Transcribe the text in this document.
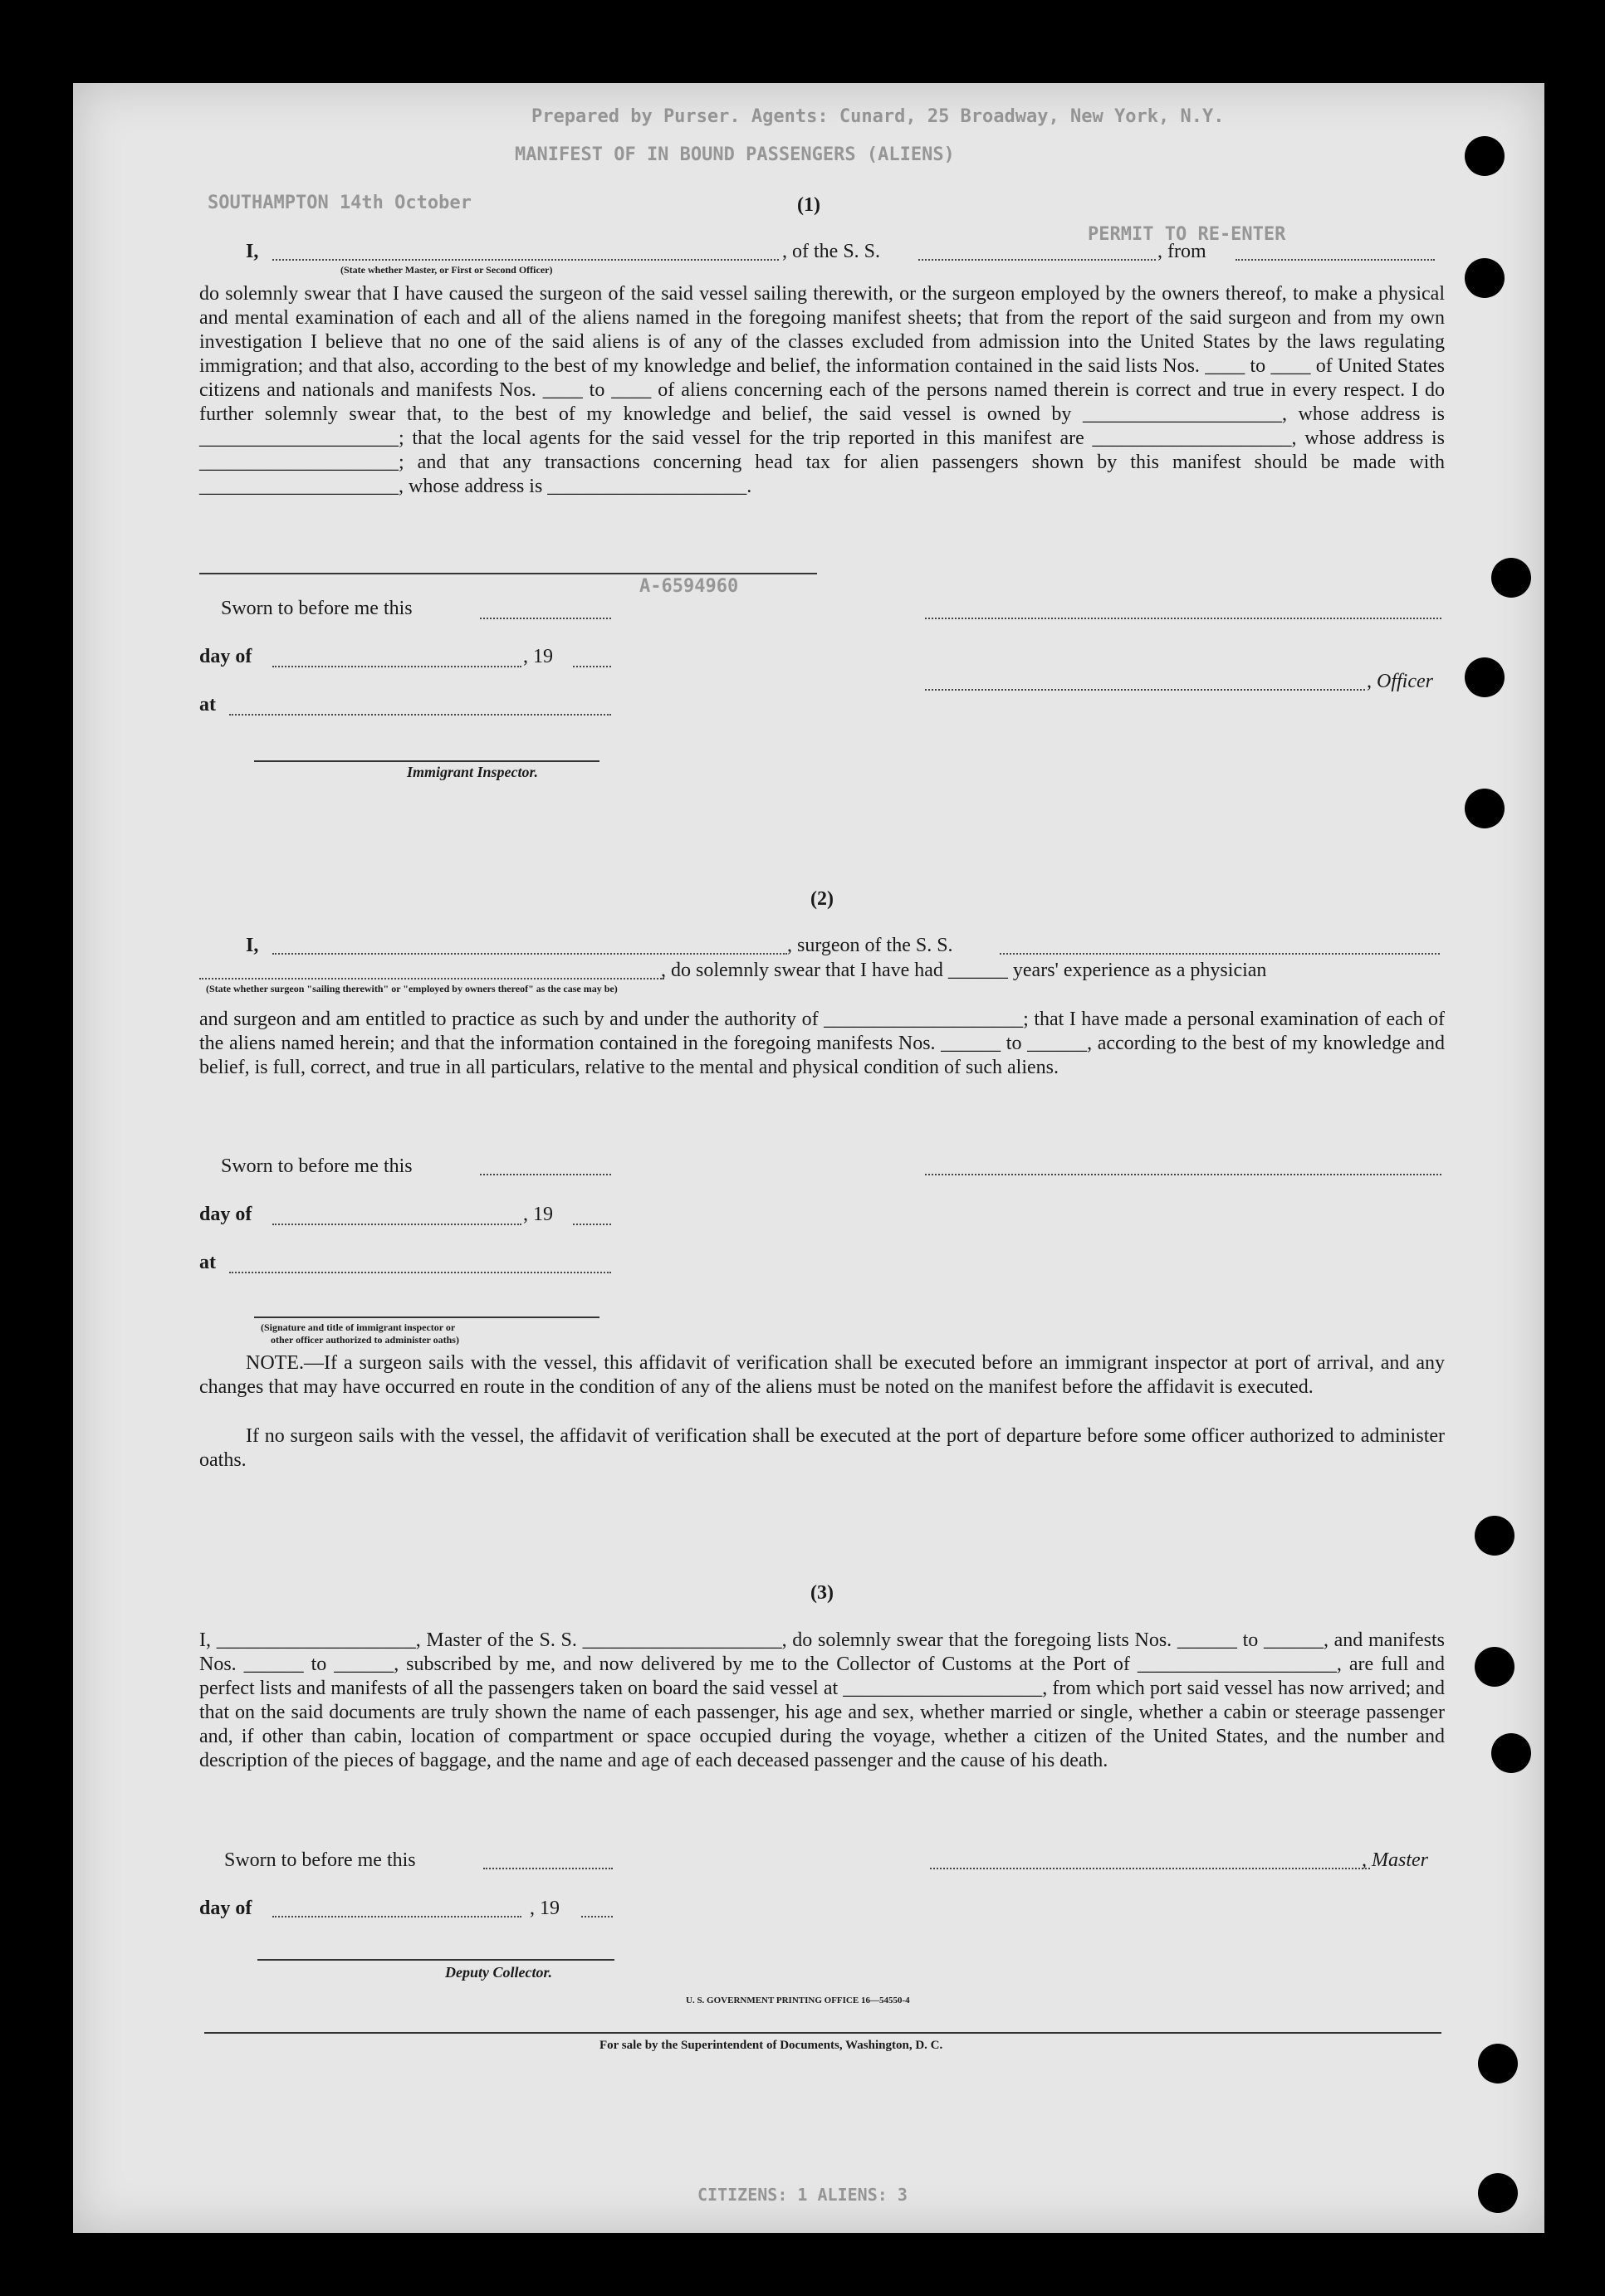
Prepared by Purser. Agents: Cunard, 25 Broadway, New York, N.Y.
MANIFEST OF IN BOUND PASSENGERS (ALIENS)
SOUTHAMPTON 14th October
PERMIT TO RE-ENTER
A-6594960
(1)
I,	, of the S. S.	, from
(State whether Master, or First or Second Officer)
do solemnly swear that I have caused the surgeon of the said vessel sailing therewith, or the surgeon employed by the owners thereof, to make a physical and mental examination of each and all of the aliens named in the foregoing manifest sheets; that from the report of the said surgeon and from my own investigation I believe that no one of the said aliens is of any of the classes excluded from admission into the United States by the laws regulating immigration; and that also, according to the best of my knowledge and belief, the information contained in the said lists Nos. ____ to ____ of United States citizens and nationals and manifests Nos. ____ to ____ of aliens concerning each of the persons named therein is correct and true in every respect. I do further solemnly swear that, to the best of my knowledge and belief, the said vessel is owned by ____________________, whose address is ____________________; that the local agents for the said vessel for the trip reported in this manifest are ____________________, whose address is ____________________; and that any transactions concerning head tax for alien passengers shown by this manifest should be made with ____________________, whose address is ____________________.
Sworn to before me this
day of	, 19
at
Immigrant Inspector.
, Officer
(2)
I,	, surgeon of the S. S.
, do solemnly swear that I have had ______ years' experience as a physician
(State whether surgeon "sailing therewith" or "employed by owners thereof" as the case may be)
and surgeon and am entitled to practice as such by and under the authority of ____________________; that I have made a personal examination of each of the aliens named herein; and that the information contained in the foregoing manifests Nos. ______ to ______, according to the best of my knowledge and belief, is full, correct, and true in all particulars, relative to the mental and physical condition of such aliens.
Sworn to before me this
day of	, 19
at
(Signature and title of immigrant inspector or
other officer authorized to administer oaths)
NOTE.—If a surgeon sails with the vessel, this affidavit of verification shall be executed before an immigrant inspector at port of arrival, and any changes that may have occurred en route in the condition of any of the aliens must be noted on the manifest before the affidavit is executed.
If no surgeon sails with the vessel, the affidavit of verification shall be executed at the port of departure before some officer authorized to administer oaths.
(3)
I, ____________________, Master of the S. S. ____________________, do solemnly swear that the foregoing lists Nos. ______ to ______, and manifests Nos. ______ to ______, subscribed by me, and now delivered by me to the Collector of Customs at the Port of ____________________, are full and perfect lists and manifests of all the passengers taken on board the said vessel at ____________________, from which port said vessel has now arrived; and that on the said documents are truly shown the name of each passenger, his age and sex, whether married or single, whether a cabin or steerage passenger and, if other than cabin, location of compartment or space occupied during the voyage, whether a citizen of the United States, and the number and description of the pieces of baggage, and the name and age of each deceased passenger and the cause of his death.
Sworn to before me this	, Master
day of	, 19
Deputy Collector.
U. S. GOVERNMENT PRINTING OFFICE 16—54550-4
For sale by the Superintendent of Documents, Washington, D. C.
CITIZENS: 1 ALIENS: 3
